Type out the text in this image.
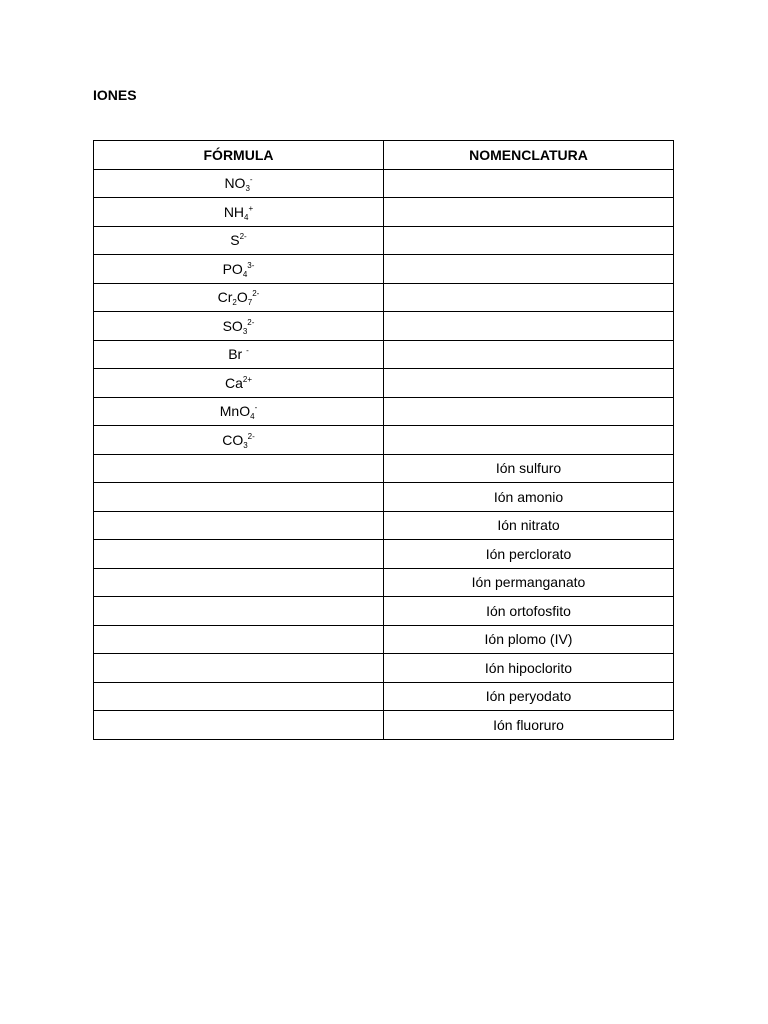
IONES
FÓRMULA	NOMENCLATURA
$NO_3^-$	
$NH_4^+$	
$S^{2-}$	
$PO_4^{3-}$	
$Cr_2O_7^{2-}$	
$SO_3^{2-}$	
Br -	
$Ca^{2+}$	
MnO$_4$-	
$CO_3^{2-}$	
	Ión sulfuro
	Ión amonio
	Ión nitrato
	Ión perclorato
	Ión permanganato
	Ión ortofosfito
	Ión plomo (IV)
	Ión hipoclorito
	Ión peryodato
	Ión fluoruro
